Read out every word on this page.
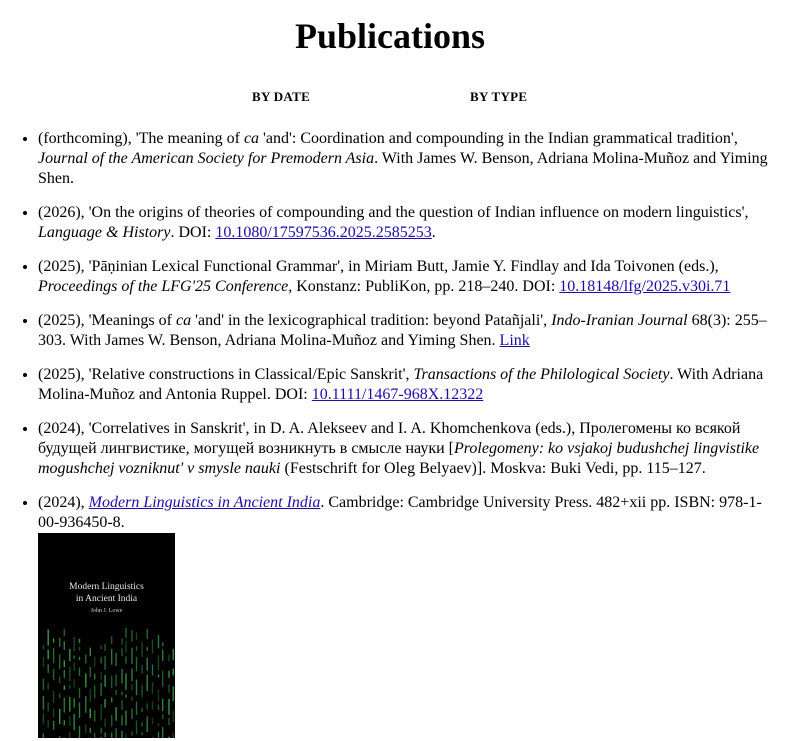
Publications
BY DATE	BY TYPE
• (forthcoming), 'The meaning of ca 'and': Coordination and compounding in the Indian grammatical tradition', Journal of the American Society for Premodern Asia. With James W. Benson, Adriana Molina-Muñoz and Yiming Shen.
• (2026), 'On the origins of theories of compounding and the question of Indian influence on modern linguistics', Language & History. DOI: 10.1080/17597536.2025.2585253.
• (2025), 'Pāṇinian Lexical Functional Grammar', in Miriam Butt, Jamie Y. Findlay and Ida Toivonen (eds.), Proceedings of the LFG'25 Conference, Konstanz: PubliKon, pp. 218–240. DOI: 10.18148/lfg/2025.v30i.71
• (2025), 'Meanings of ca 'and' in the lexicographical tradition: beyond Patañjali', Indo-Iranian Journal 68(3): 255–303. With James W. Benson, Adriana Molina-Muñoz and Yiming Shen. Link
• (2025), 'Relative constructions in Classical/Epic Sanskrit', Transactions of the Philological Society. With Adriana Molina-Muñoz and Antonia Ruppel. DOI: 10.1111/1467-968X.12322
• (2024), 'Correlatives in Sanskrit', in D. A. Alekseev and I. A. Khomchenkova (eds.), Пролегомены ко всякой будущей лингвистике, могущей возникнуть в смысле науки [Prolegomeny: ko vsjakoj budushchej lingvistike mogushchej vozniknut' v smysle nauki (Festschrift for Oleg Belyaev)]. Moskva: Buki Vedi, pp. 115–127.
• (2024), Modern Linguistics in Ancient India. Cambridge: Cambridge University Press. 482+xii pp. ISBN: 978-1-00-936450-8.
Modern Linguistics
in Ancient India
John J. Lowe
